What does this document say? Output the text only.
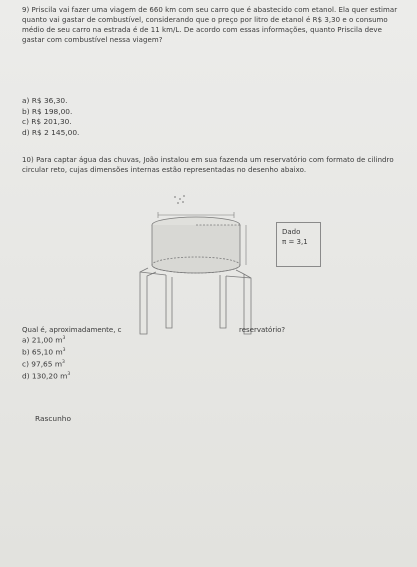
9) Priscila vai fazer uma viagem de 660 km com seu carro que é abastecido com etanol. Ela quer estimar quanto vai gastar de combustível, considerando que o preço por litro de etanol é R$ 3,30 e o consumo médio de seu carro na estrada é de 11 km/L. De acordo com essas informações, quanto Priscila deve gastar com combustível nessa viagem?
a) R$ 36,30.
b) R$ 198,00.
c) R$ 201,30.
d) R$ 2 145,00.
10) Para captar água das chuvas, João instalou em sua fazenda um reservatório com formato de cilindro circular reto, cujas dimensões internas estão representadas no desenho abaixo.
Dado
π = 3,1
Qual é, aproximadamente, c	reservatório?
a) 21,00 $m^3$
b) 65,10 $m^3$
c) 97,65 $m^3$
d) 130,20 $m^3$
Rascunho
